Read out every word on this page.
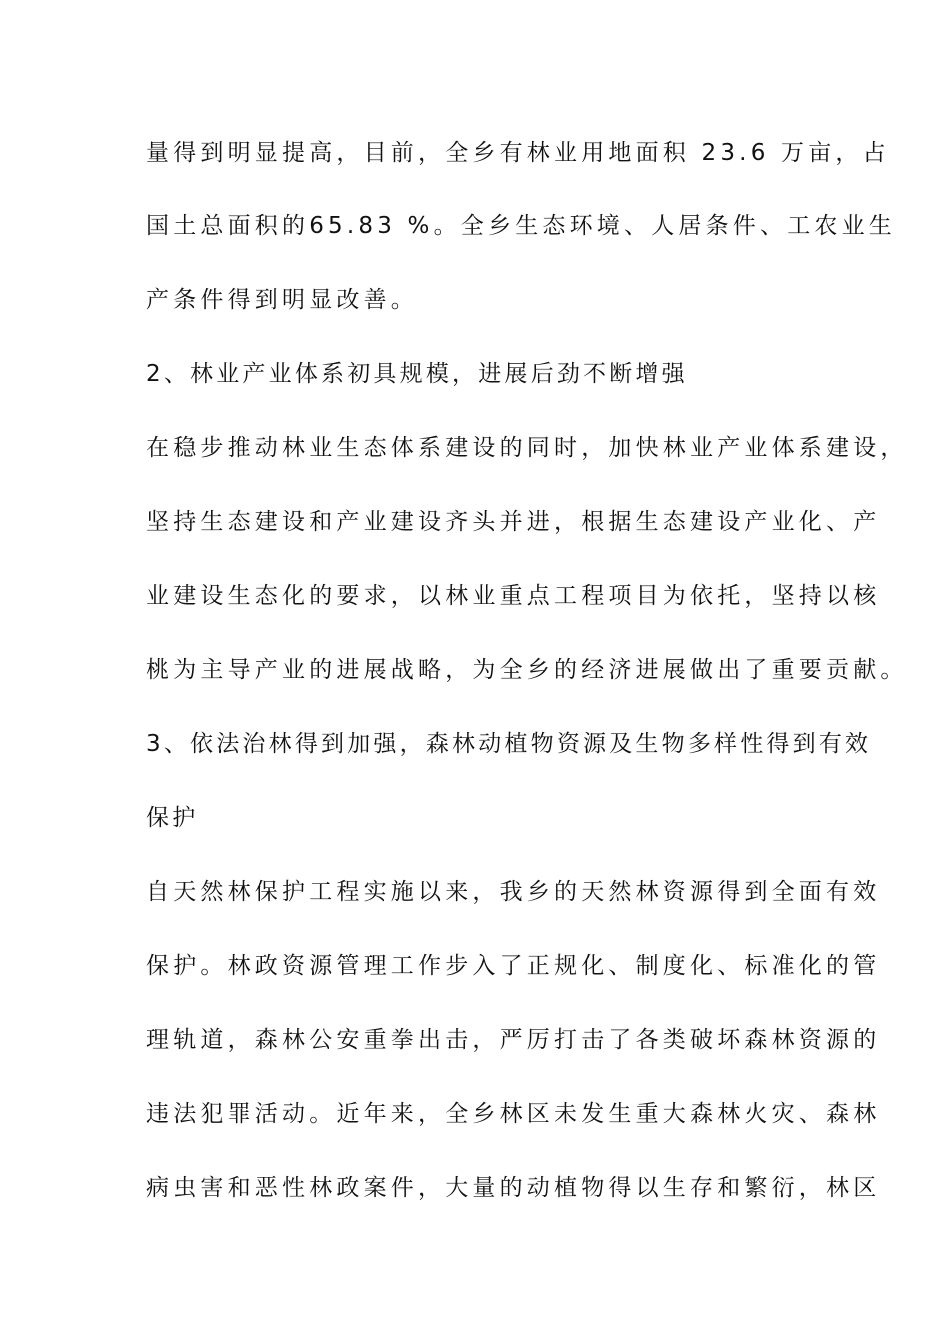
量得到明显提高，目前，全乡有林业用地面积 23.6 万亩，占
国土总面积的65.83 %。全乡生态环境、人居条件、工农业生
产条件得到明显改善。
2、林业产业体系初具规模，进展后劲不断增强
在稳步推动林业生态体系建设的同时，加快林业产业体系建设，
坚持生态建设和产业建设齐头并进，根据生态建设产业化、产
业建设生态化的要求，以林业重点工程项目为依托，坚持以核
桃为主导产业的进展战略，为全乡的经济进展做出了重要贡献。
3、依法治林得到加强，森林动植物资源及生物多样性得到有效
保护
自天然林保护工程实施以来，我乡的天然林资源得到全面有效
保护。林政资源管理工作步入了正规化、制度化、标准化的管
理轨道，森林公安重拳出击，严厉打击了各类破坏森林资源的
违法犯罪活动。近年来，全乡林区未发生重大森林火灾、森林
病虫害和恶性林政案件，大量的动植物得以生存和繁衍，林区
